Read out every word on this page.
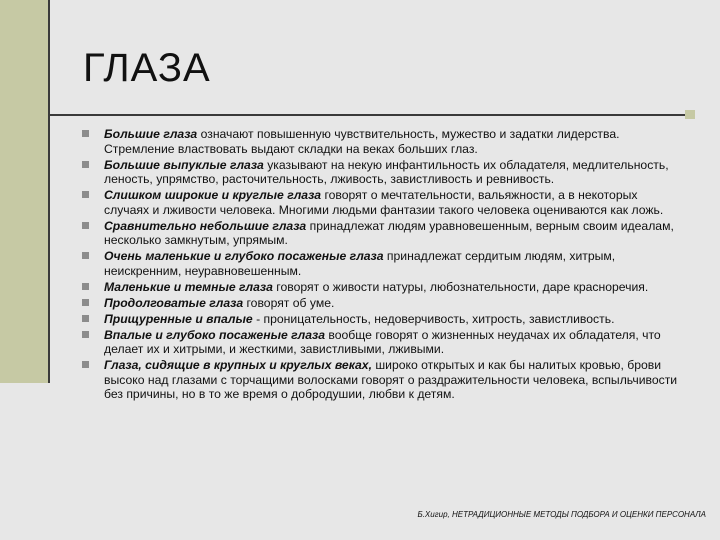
ГЛАЗА
Большие глаза означают повышенную чувствительность, мужество и задатки лидерства. Стремление властвовать выдают складки на веках больших глаз.
Большие выпуклые глаза указывают на некую инфантильность их обладателя, медлительность, леность, упрямство, расточительность, лживость, завистливость и ревнивость.
Слишком широкие и круглые глаза говорят о мечтательности, вальяжности, а в некоторых случаях и лживости человека. Многими людьми фантазии такого человека оцениваются как ложь.
Сравнительно небольшие глаза принадлежат людям уравновешенным, верным своим идеалам, несколько замкнутым, упрямым.
Очень маленькие и глубоко посаженые глаза принадлежат сердитым людям, хитрым, неискренним, неуравновешенным.
Маленькие и темные глаза говорят о живости натуры, любознательности, даре красноречия.
Продолговатые глаза говорят об уме.
Прищуренные и впалые - проницательность, недоверчивость, хитрость, завистливость.
Впалые и глубоко посаженые глаза вообще говорят о жизненных неудачах их обладателя, что делает их и хитрыми, и жесткими, завистливыми, лживыми.
Глаза, сидящие в крупных и круглых веках, широко открытых и как бы налитых кровью, брови высоко над глазами с торчащими волосками говорят о раздражительности человека, вспыльчивости без причины, но в то же время о добродушии, любви к детям.
Б.Хигир, НЕТРАДИЦИОННЫЕ МЕТОДЫ ПОДБОРА И ОЦЕНКИ ПЕРСОНАЛА
